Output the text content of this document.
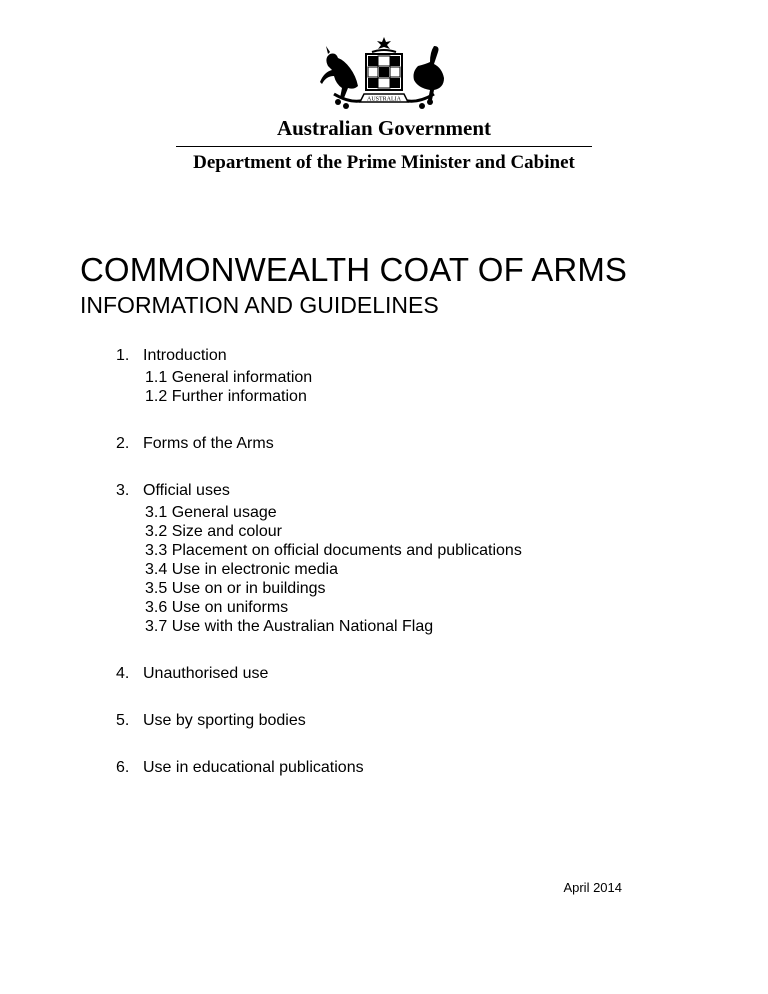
AUSTRALIA
Australian Government
Department of the Prime Minister and Cabinet
COMMONWEALTH COAT OF ARMS
INFORMATION AND GUIDELINES
1. Introduction
1.1 General information
1.2 Further information
2. Forms of the Arms
3. Official uses
3.1 General usage
3.2 Size and colour
3.3 Placement on official documents and publications
3.4 Use in electronic media
3.5 Use on or in buildings
3.6 Use on uniforms
3.7 Use with the Australian National Flag
4. Unauthorised use
5. Use by sporting bodies
6. Use in educational publications
April 2014
